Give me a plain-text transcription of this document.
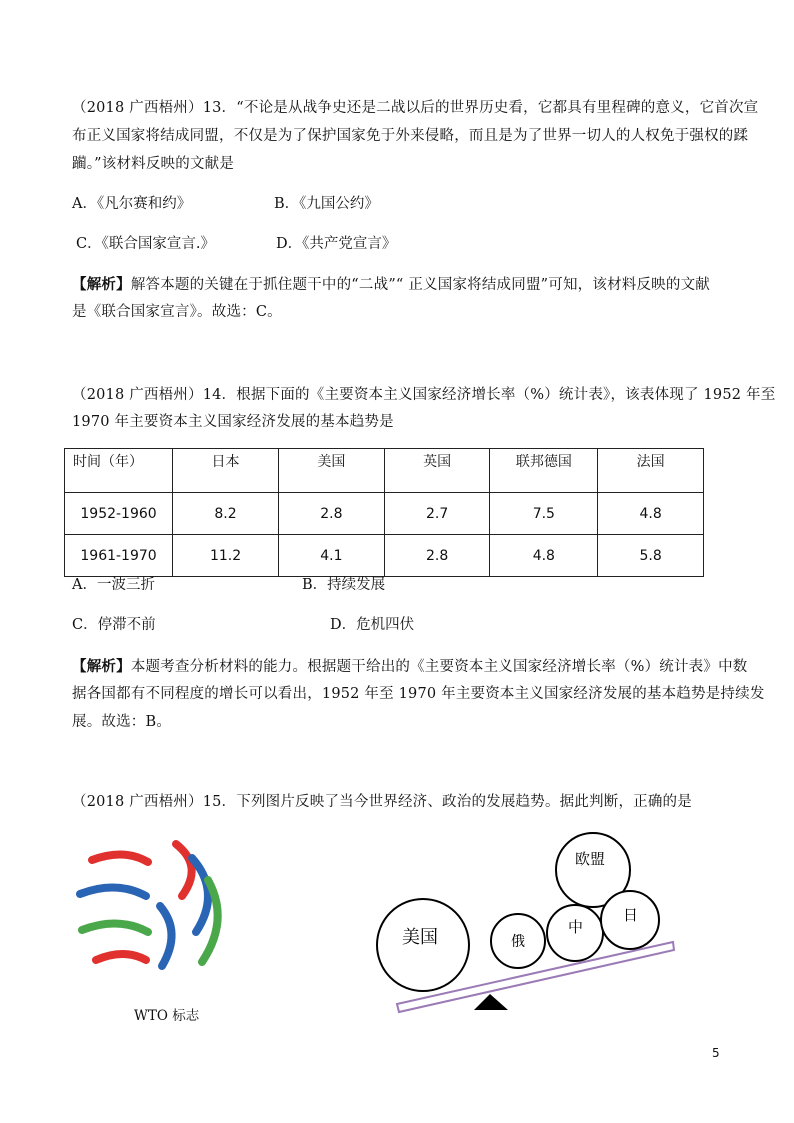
（2018 广西梧州）13．“不论是从战争史还是二战以后的世界历史看，它都具有里程碑的意义，它首次宣
布正义国家将结成同盟，不仅是为了保护国家免于外来侵略，而且是为了世界一切人的人权免于强权的蹂
躏。”该材料反映的文献是
A．《凡尔赛和约》	B．《九国公约》
C．《联合国家宣言.》	D．《共产党宣言》
【解析】解答本题的关键在于抓住题干中的“二战”“ 正义国家将结成同盟”可知，该材料反映的文献
是《联合国家宣言》。故选：C。
（2018 广西梧州）14．根据下面的《主要资本主义国家经济增长率（%）统计表》，该表体现了 1952 年至
1970 年主要资本主义国家经济发展的基本趋势是
时间（年）	日本	美国	英国	联邦德国	法国
1952-1960	8.2	2.8	2.7	7.5	4.8
1961-1970	11.2	4.1	2.8	4.8	5.8
A．一波三折	B．持续发展
C．停滞不前	D．危机四伏
【解析】本题考查分析材料的能力。根据题干给出的《主要资本主义国家经济增长率（%）统计表》中数
据各国都有不同程度的增长可以看出，1952 年至 1970 年主要资本主义国家经济发展的基本趋势是持续发
展。故选：B。
（2018 广西梧州）15．下列图片反映了当今世界经济、政治的发展趋势。据此判断，正确的是
WTO 标志
美国	俄
中
欧盟
日
5
